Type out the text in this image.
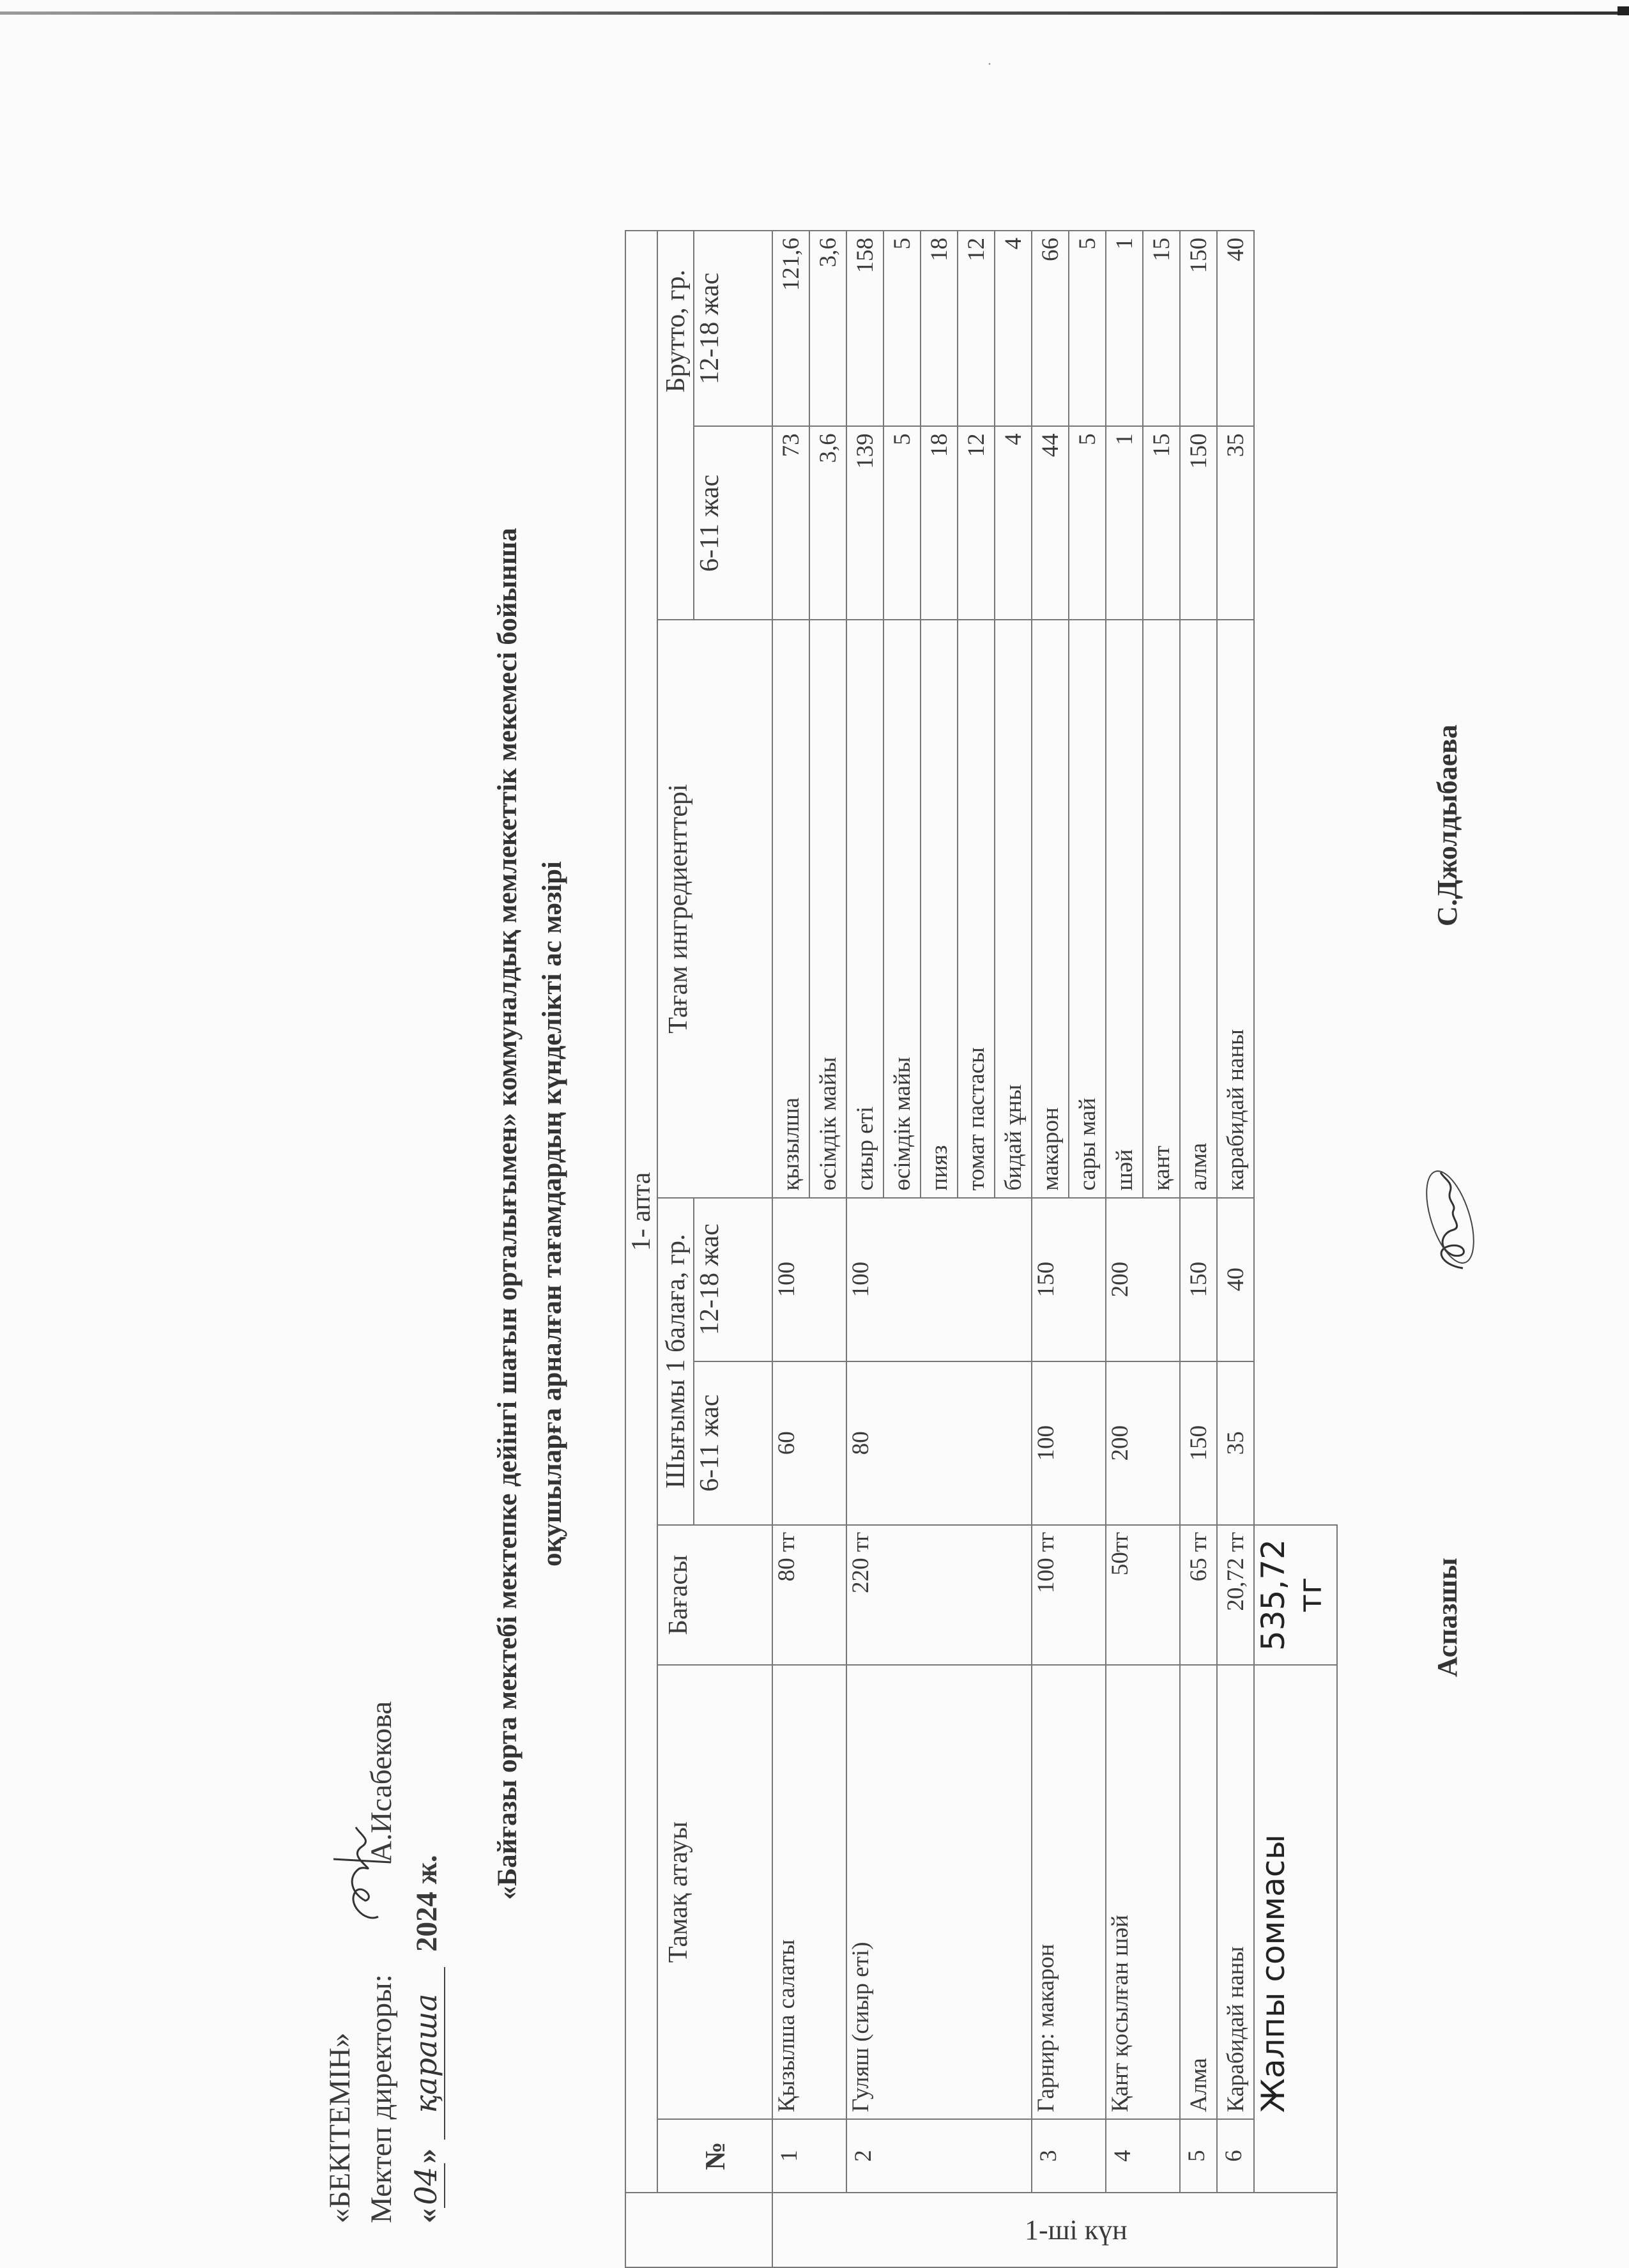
·
«БЕКІТЕМІН» Мектеп директоры:А.Исабекова
«
04
»
қараша
2024 ж.
«Байғазы орта мектебі мектепке дейінгі шағын орталығымен» коммуналдық мемлекеттік мекемесі бойынша оқушыларға арналған тағамдардың күнделікті ас мәзірі
	1- апта							
	№	Тамақ атауы	Бағасы	Шығымы 1 балаға, гр.		Тағам ингредиенттері	Брутто, гр.	
				6-11 жас	12-18 жас		6-11 жас	12-18 жас

1-ші күн	1	Қызылша салаты	80 тг	60	100	қызылша	73	121,6
						өсімдік майы	3,6	3,6
	2	Гуляш (сиыр еті)	220 тг	80	100	сиыр еті	139	158
						өсімдік майы	5	5
						пияз	18	18
						томат пастасы	12	12
						бидай ұны	4	4
	3	Гарнир: макарон	100 тг	100	150	макарон	44	66
						сары май	5	5
	4	Қант қосылған шәй	50тг	200	200	шәй	1	1
						қант	15	15
	5	Алма	65 тг	150	150	алма	150	150
	6	Карабидай наны	20,72 тг	35	40	карабидай наны	35	40
		Жалпы соммасы	535,72 тг					
		Аспазшы
С.Джолдыбаева
